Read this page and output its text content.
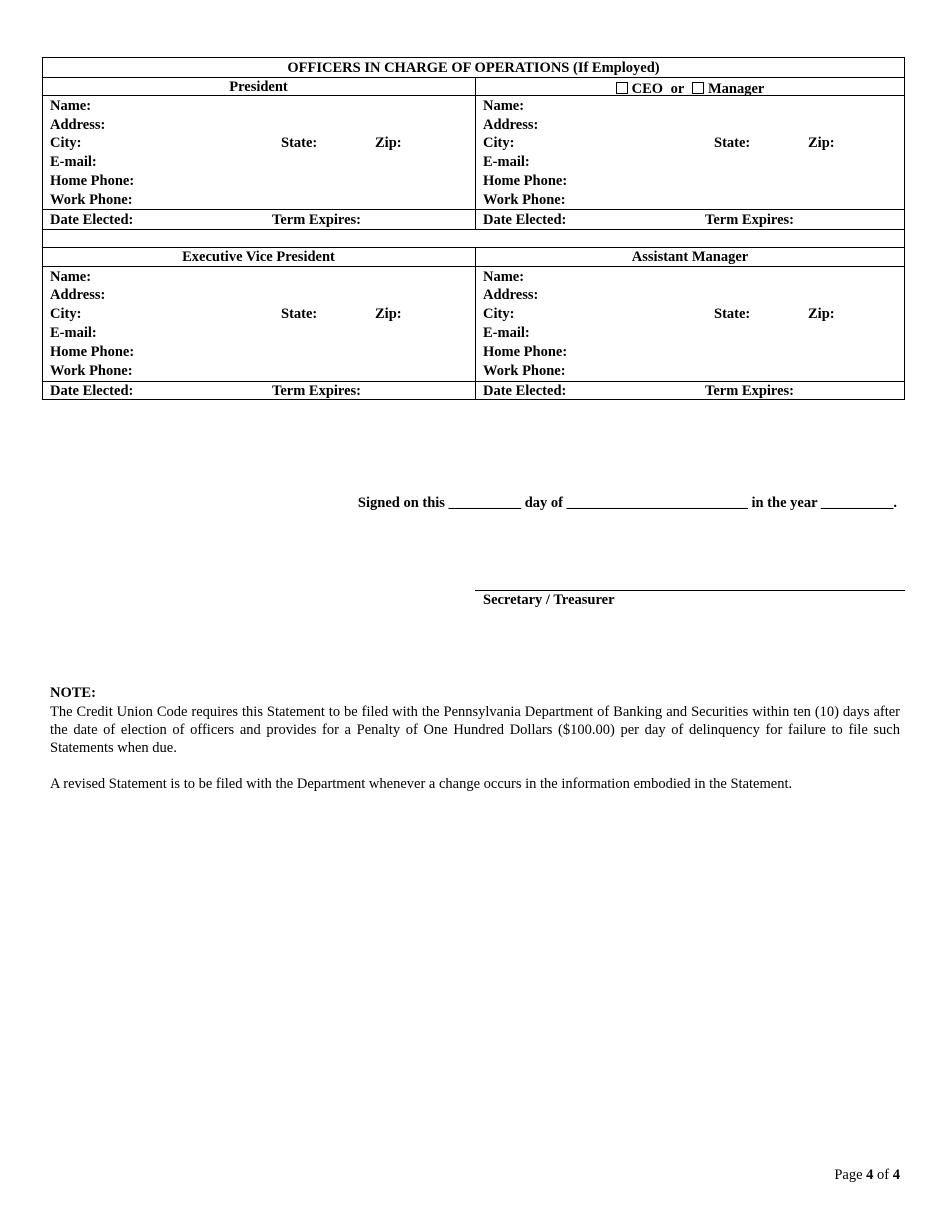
OFFICERS IN CHARGE OF OPERATIONS (If Employed)
President
Name:
Address:
City:	State:	Zip:
E-mail:
Home Phone:
Work Phone:
Date Elected:	Term Expires:
CEO or Manager
Name:
Address:
City:	State:	Zip:
E-mail:
Home Phone:
Work Phone:
Date Elected:	Term Expires:
Executive Vice President
Name:
Address:
City:	State:	Zip:
E-mail:
Home Phone:
Work Phone:
Date Elected:	Term Expires:
Assistant Manager
Name:
Address:
City:	State:	Zip:
E-mail:
Home Phone:
Work Phone:
Date Elected:	Term Expires:
Signed on this __________ day of _________________________ in the year __________.
Secretary / Treasurer
NOTE:
The Credit Union Code requires this Statement to be filed with the Pennsylvania Department of Banking and Securities within ten (10) days after the date of election of officers and provides for a Penalty of One Hundred Dollars ($100.00) per day of delinquency for failure to file such Statements when due.
A revised Statement is to be filed with the Department whenever a change occurs in the information embodied in the Statement.
Page 4 of 4
